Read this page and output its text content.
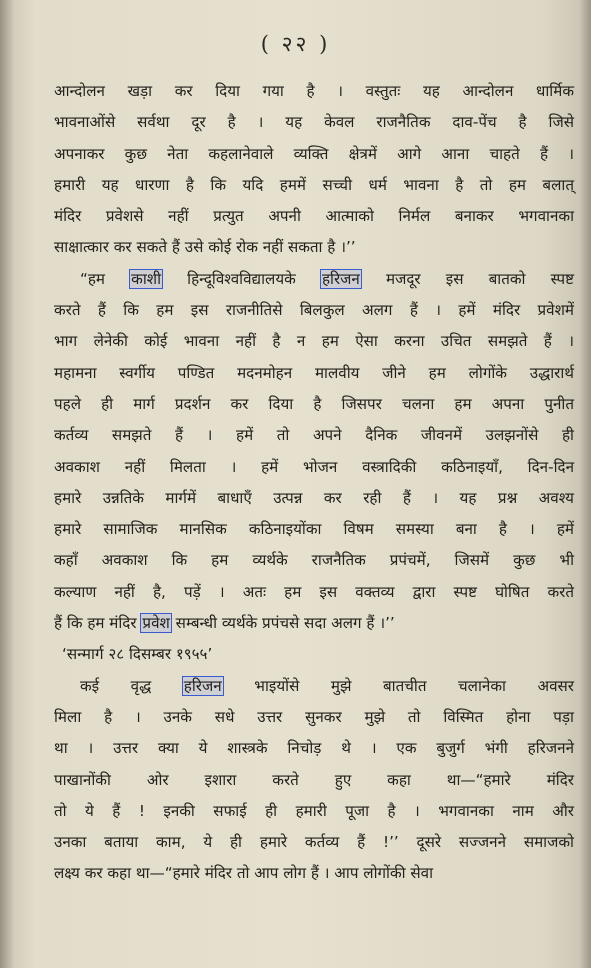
( २२ )
आन्दोलन खड़ा कर दिया गया है । वस्तुतः यह आन्दोलन धार्मिक
भावनाओंसे सर्वथा दूर है । यह केवल राजनैतिक दाव-पेंच है जिसे
अपनाकर कुछ नेता कहलानेवाले व्यक्ति क्षेत्रमें आगे आना चाहते हैं ।
हमारी यह धारणा है कि यदि हममें सच्ची धर्म भावना है तो हम बलात्
मंदिर प्रवेशसे नहीं प्रत्युत अपनी आत्माको निर्मल बनाकर भगवानका
साक्षात्कार कर सकते हैं उसे कोई रोक नहीं सकता है ।’’
“हम काशी हिन्दूविश्वविद्यालयके हरिजन मजदूर इस बातको स्पष्ट
करते हैं कि हम इस राजनीतिसे बिलकुल अलग हैं । हमें मंदिर प्रवेशमें
भाग लेनेकी कोई भावना नहीं है न हम ऐसा करना उचित समझते हैं ।
महामना स्वर्गीय पण्डित मदनमोहन मालवीय जीने हम लोगोंके उद्धारार्थ
पहले ही मार्ग प्रदर्शन कर दिया है जिसपर चलना हम अपना पुनीत
कर्तव्य समझते हैं । हमें तो अपने दैनिक जीवनमें उलझनोंसे ही
अवकाश नहीं मिलता । हमें भोजन वस्त्रादिकी कठिनाइयाँ, दिन-दिन
हमारे उन्नतिके मार्गमें बाधाएँ उत्पन्न कर रही हैं । यह प्रश्न अवश्य
हमारे सामाजिक मानसिक कठिनाइयोंका विषम समस्या बना है । हमें
कहाँ अवकाश कि हम व्यर्थके राजनैतिक प्रपंचमें, जिसमें कुछ भी
कल्याण नहीं है, पड़ें । अतः हम इस वक्तव्य द्वारा स्पष्ट घोषित करते
हैं कि हम मंदिर प्रवेश सम्बन्धी व्यर्थके प्रपंचसे सदा अलग हैं ।’’
‘सन्मार्ग २८ दिसम्बर १९५५’
कई वृद्ध हरिजन भाइयोंसे मुझे बातचीत चलानेका अवसर
मिला है । उनके सधे उत्तर सुनकर मुझे तो विस्मित होना पड़ा
था । उत्तर क्या ये शास्त्रके निचोड़ थे । एक बुजुर्ग भंगी हरिजनने
पाखानोंकी ओर इशारा करते हुए कहा था—“हमारे मंदिर
तो ये हैं ! इनकी सफाई ही हमारी पूजा है । भगवानका नाम और
उनका बताया काम, ये ही हमारे कर्तव्य हैं !’’ दूसरे सज्जनने समाजको
लक्ष्य कर कहा था—“हमारे मंदिर तो आप लोग हैं । आप लोगोंकी सेवा
